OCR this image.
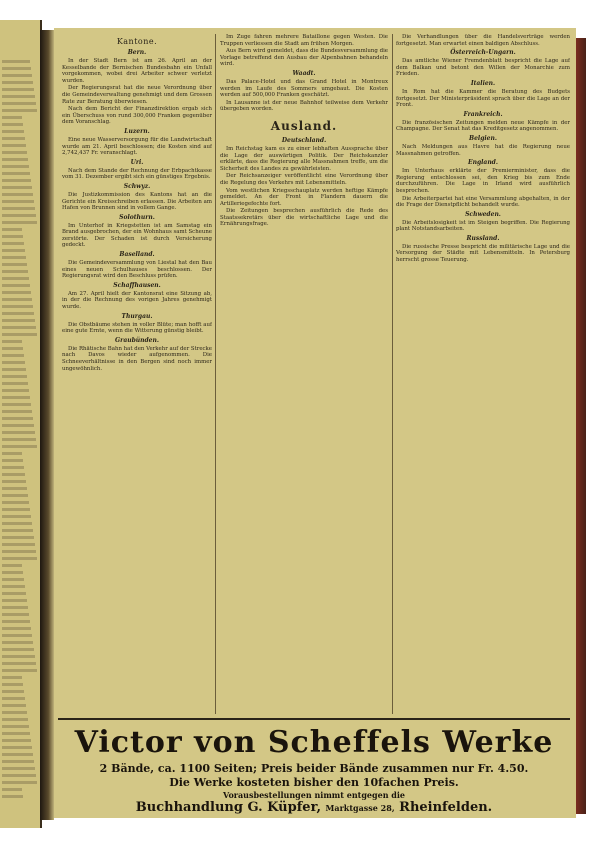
Kantone.
Bern.
In der Stadt Bern ist am 26. April an der Kesselbande der Bernischen Bundesbahn ein Unfall vorgekommen, wobei drei Arbeiter schwer verletzt wurden.
Der Regierungsrat hat die neue Verordnung über die Gemeindeverwaltung genehmigt und dem Grossen Rate zur Beratung überwiesen.
Nach dem Bericht der Finanzdirektion ergab sich ein Überschuss von rund 300,000 Franken gegenüber dem Voranschlag.
Luzern.
Eine neue Wasserversorgung für die Landwirtschaft wurde am 21. April beschlossen; die Kosten sind auf 2,742,437 Fr. veranschlagt.
Uri.
Nach dem Stande der Rechnung der Erbpachtkasse vom 31. Dezember ergibt sich ein günstiges Ergebnis.
Schwyz.
Die Justizkommission des Kantons hat an die Gerichte ein Kreisschreiben erlassen. Die Arbeiten am Hafen von Brunnen sind in vollem Gange.
Solothurn.
Im Unterhof in Kriegstetten ist am Samstag ein Brand ausgebrochen, der ein Wohnhaus samt Scheune zerstörte. Der Schaden ist durch Versicherung gedeckt.
Baselland.
Die Gemeindeversammlung von Liestal hat den Bau eines neuen Schulhauses beschlossen. Der Regierungsrat wird den Beschluss prüfen.
Schaffhausen.
Am 27. April hielt der Kantonsrat eine Sitzung ab, in der die Rechnung des vorigen Jahres genehmigt wurde.
Thurgau.
Die Obstbäume stehen in voller Blüte; man hofft auf eine gute Ernte, wenn die Witterung günstig bleibt.
Graubünden.
Die Rhätische Bahn hat den Verkehr auf der Strecke nach Davos wieder aufgenommen. Die Schneeverhältnisse in den Bergen sind noch immer ungewöhnlich.
Im Zuge fahren mehrere Bataillone gegen Westen. Die Truppen verliessen die Stadt am frühen Morgen.
Aus Bern wird gemeldet, dass die Bundesversammlung die Vorlage betreffend den Ausbau der Alpenbahnen behandeln wird.
Waadt.
Das Palace-Hotel und das Grand Hotel in Montreux werden im Laufe des Sommers umgebaut. Die Kosten werden auf 500,000 Franken geschätzt.
In Lausanne ist der neue Bahnhof teilweise dem Verkehr übergeben worden.
Ausland.
Deutschland.
Im Reichstag kam es zu einer lebhaften Aussprache über die Lage der auswärtigen Politik. Der Reichskanzler erklärte, dass die Regierung alle Massnahmen treffe, um die Sicherheit des Landes zu gewährleisten.
Der Reichsanzeiger veröffentlicht eine Verordnung über die Regelung des Verkehrs mit Lebensmitteln.
Vom westlichen Kriegsschauplatz werden heftige Kämpfe gemeldet. An der Front in Flandern dauern die Artilleriegefechte fort.
Die Zeitungen besprechen ausführlich die Rede des Staatssekretärs über die wirtschaftliche Lage und die Ernährungsfrage.
Die Verhandlungen über die Handelsverträge werden fortgesetzt. Man erwartet einen baldigen Abschluss.
Österreich-Ungarn.
Das amtliche Wiener Fremdenblatt bespricht die Lage auf dem Balkan und betont den Willen der Monarchie zum Frieden.
Italien.
In Rom hat die Kammer die Beratung des Budgets fortgesetzt. Der Ministerpräsident sprach über die Lage an der Front.
Frankreich.
Die französischen Zeitungen melden neue Kämpfe in der Champagne. Der Senat hat das Kreditgesetz angenommen.
Belgien.
Nach Meldungen aus Havre hat die Regierung neue Massnahmen getroffen.
England.
Im Unterhaus erklärte der Premierminister, dass die Regierung entschlossen sei, den Krieg bis zum Ende durchzuführen. Die Lage in Irland wird ausführlich besprochen.
Die Arbeiterpartei hat eine Versammlung abgehalten, in der die Frage der Dienstpflicht behandelt wurde.
Schweden.
Die Arbeitslosigkeit ist im Steigen begriffen. Die Regierung plant Notstandsarbeiten.
Russland.
Die russische Presse bespricht die militärische Lage und die Versorgung der Städte mit Lebensmitteln. In Petersburg herrscht grosse Teuerung.
Victor von Scheffels Werke
2 Bände, ca. 1100 Seiten; Preis beider Bände zusammen nur Fr. 4.50.
Die Werke kosteten bisher den 10fachen Preis.
Vorausbestellungen nimmt entgegen die
Buchhandlung G. Küpfer, Marktgasse 28, Rheinfelden.
